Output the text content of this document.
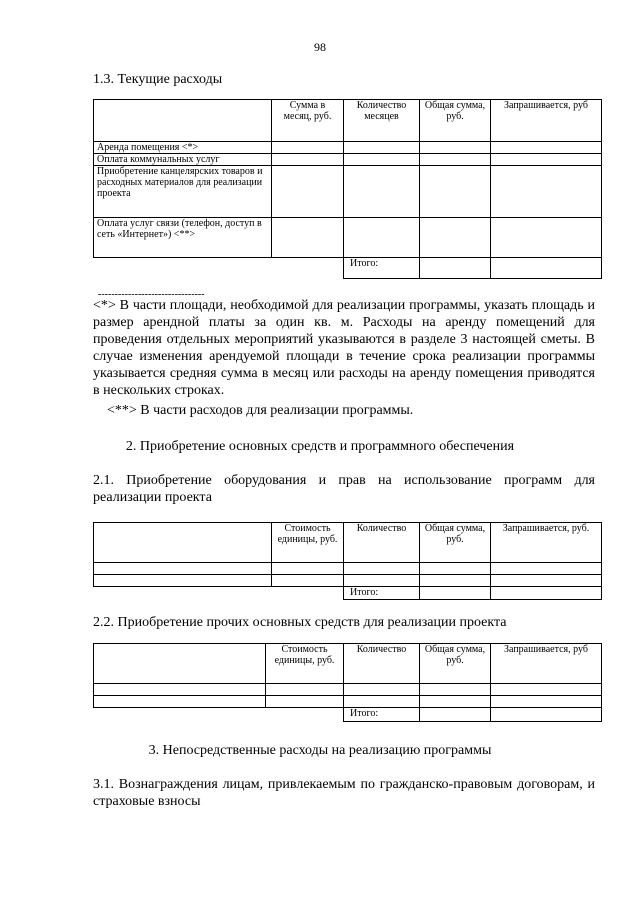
98
1.3. Текущие расходы
	Сумма в месяц, руб.	Количество месяцев	Общая сумма, руб.	Запрашивается, руб
Аренда помещения <*>				
Оплата коммунальных услуг				
Приобретение канцелярских товаров и расходных материалов для реализации проекта				
Оплата услуг связи (телефон, доступ в сеть «Интернет») <**>				
		Итого:		
--------------------------------

<*> В части площади, необходимой для реализации программы, указать площадь и размер арендной платы за один кв. м. Расходы на аренду помещений для проведения отдельных мероприятий указываются в разделе 3 настоящей сметы. В случае изменения арендуемой площади в течение срока реализации программы указывается средняя сумма в месяц или расходы на аренду помещения приводятся в нескольких строках.

<**> В части расходов для реализации программы.
2. Приобретение основных средств и программного обеспечения
2.1. Приобретение оборудования и прав на использование программ для реализации проекта
	Стоимость единицы, руб.	Количество	Общая сумма, руб.	Запрашивается, руб.

		Итого:		
2.2. Приобретение прочих основных средств для реализации проекта
	Стоимость единицы, руб.	Количество	Общая сумма, руб.	Запрашивается, руб

		Итого:		
3. Непосредственные расходы на реализацию программы
3.1. Вознаграждения лицам, привлекаемым по гражданско-правовым договорам, и страховые взносы
